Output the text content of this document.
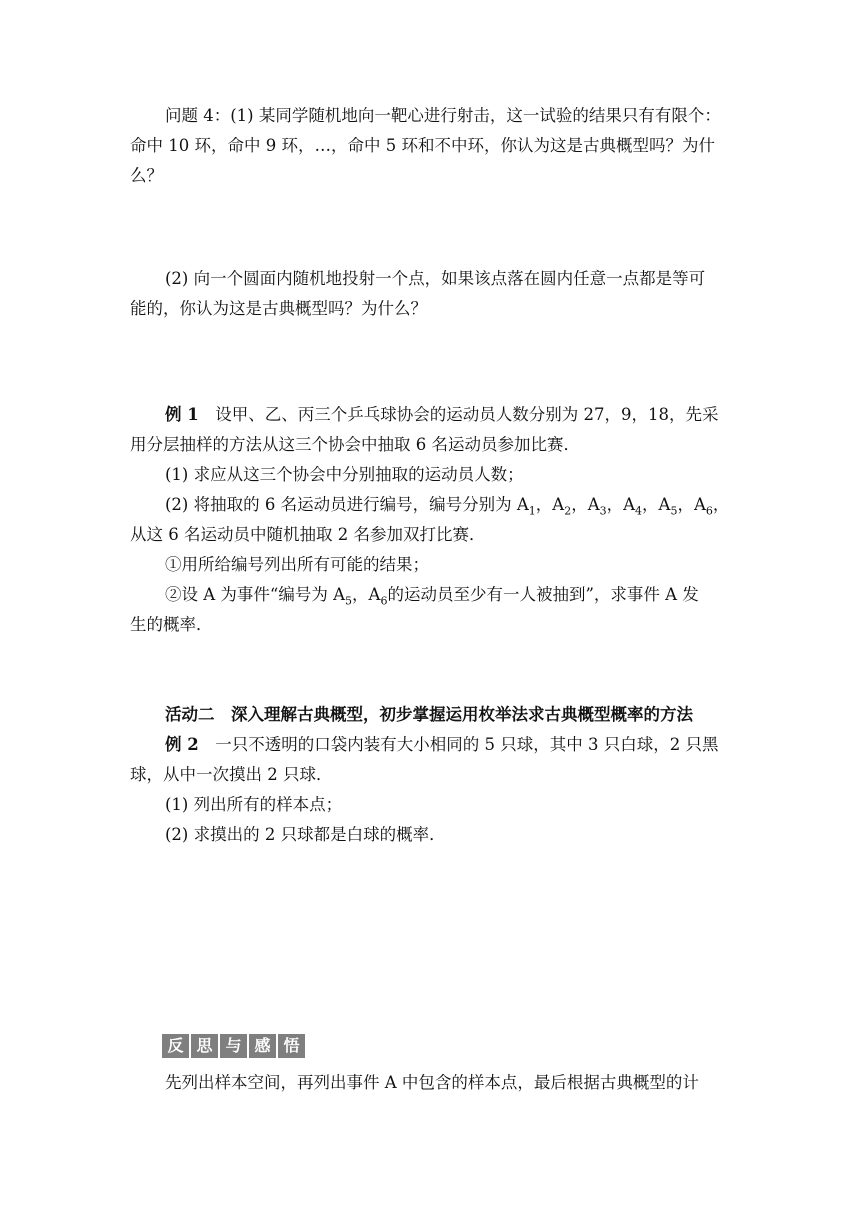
问题 4：(1) 某同学随机地向一靶心进行射击，这一试验的结果只有有限个：
命中 10 环，命中 9 环，…，命中 5 环和不中环，你认为这是古典概型吗？为什
么？
(2) 向一个圆面内随机地投射一个点，如果该点落在圆内任意一点都是等可
能的，你认为这是古典概型吗？为什么？
例 1　 设甲、乙、丙三个乒乓球协会的运动员人数分别为 27，9，18，先采
用分层抽样的方法从这三个协会中抽取 6 名运动员参加比赛．
(1) 求应从这三个协会中分别抽取的运动员人数；
(2) 将抽取的 6 名运动员进行编号，编号分别为 $A_1$，$A_2$，$A_3$，$A_4$，$A_5$，$A_6$，
从这 6 名运动员中随机抽取 2 名参加双打比赛．
①用所给编号列出所有可能的结果；
②设 A 为事件“编号为 $A_5$，$A_6$的运动员至少有一人被抽到”，求事件 A 发
生的概率．
活动二　深入理解古典概型，初步掌握运用枚举法求古典概型概率的方法
例 2　 一只不透明的口袋内装有大小相同的 5 只球，其中 3 只白球，2 只黑
球，从中一次摸出 2 只球．
(1) 列出所有的样本点；
(2) 求摸出的 2 只球都是白球的概率．
反 思 与 感 悟
先列出样本空间，再列出事件 A 中包含的样本点，最后根据古典概型的计
